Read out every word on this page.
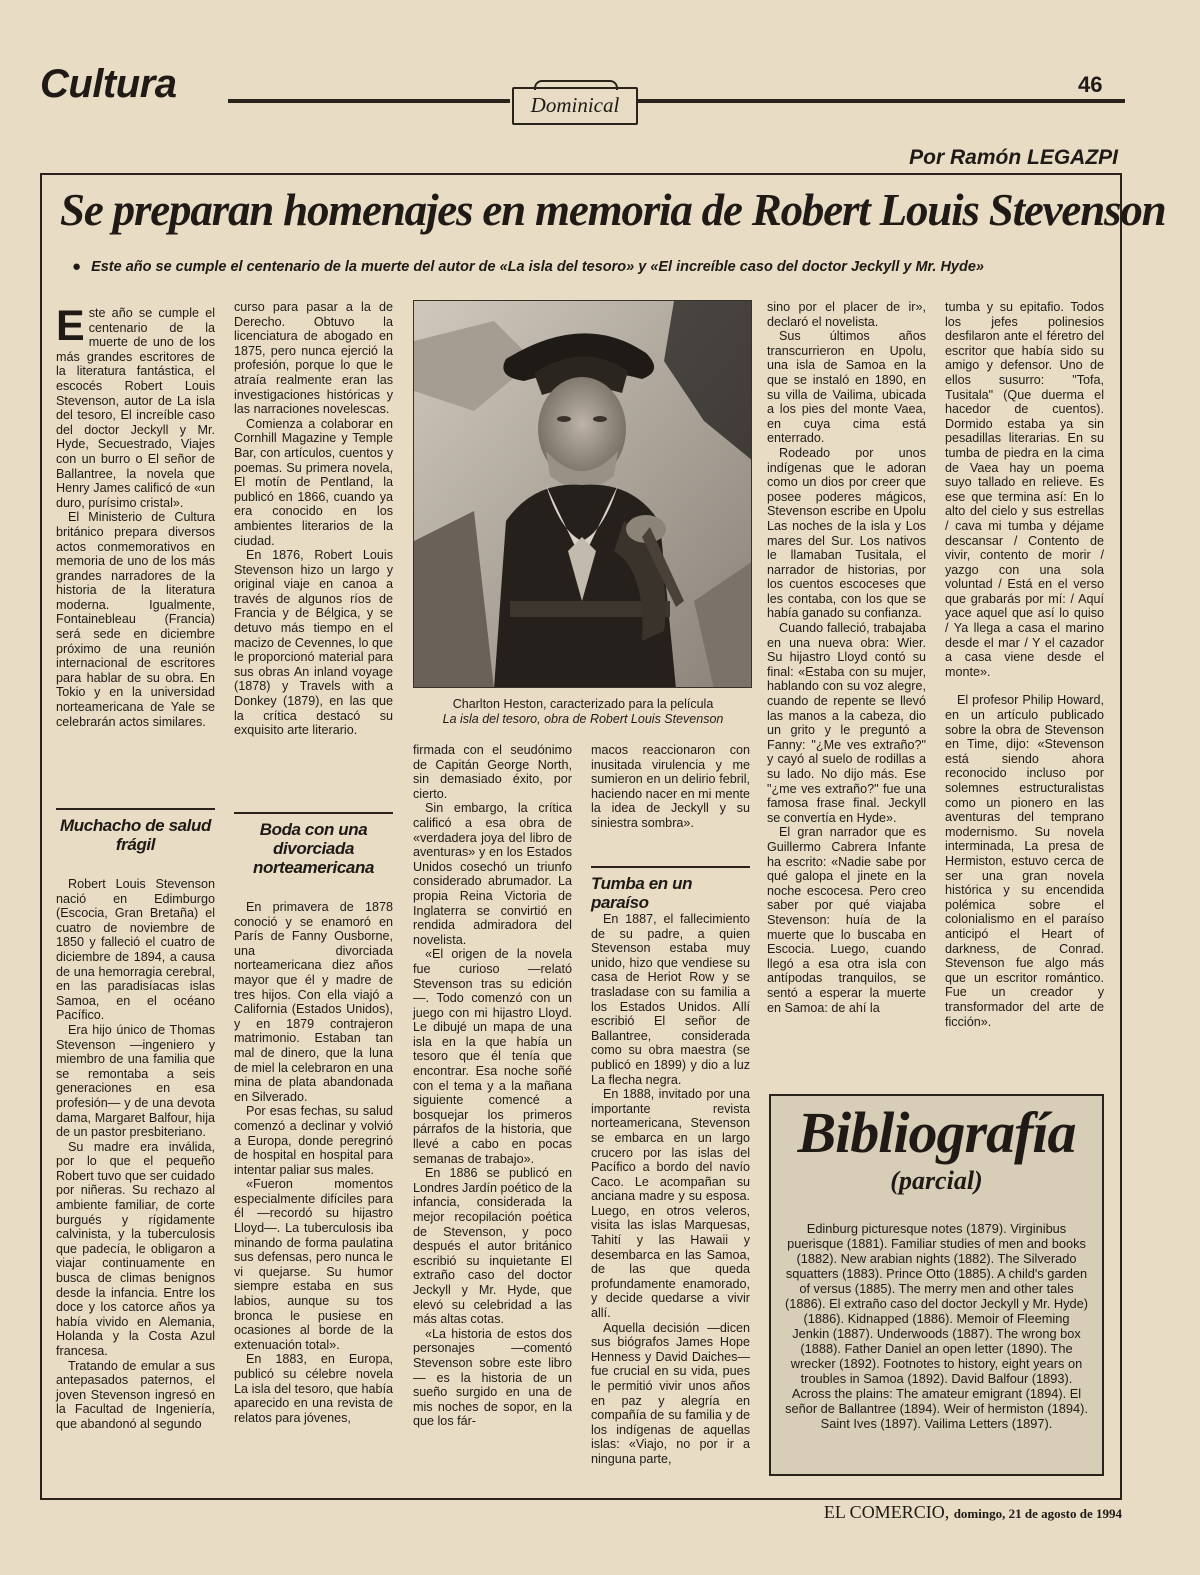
Cultura	Dominical
46
Por Ramón LEGAZPI
Se preparan homenajes en memoria de Robert Louis Stevenson
● Este año se cumple el centenario de la muerte del autor de «La isla del tesoro» y «El increíble caso del doctor Jeckyll y Mr. Hyde»

Este año se cumple el centenario de la muerte de uno de los más grandes escritores de la literatura fantástica, el escocés Robert Louis Stevenson, autor de La isla del tesoro, El increíble caso del doctor Jeckyll y Mr. Hyde, Secuestrado, Viajes con un burro o El señor de Ballantree, la novela que Henry James calificó de «un duro, purísimo cristal».

El Ministerio de Cultura británico prepara diversos actos conmemorativos en memoria de uno de los más grandes narradores de la historia de la literatura moderna. Igualmente, Fontainebleau (Francia) será sede en diciembre próximo de una reunión internacional de escritores para hablar de su obra. En Tokio y en la universidad norteamericana de Yale se celebrarán actos similares.

Muchacho de salud frágil

Robert Louis Stevenson nació en Edimburgo (Escocia, Gran Bretaña) el cuatro de noviembre de 1850 y falleció el cuatro de diciembre de 1894, a causa de una hemorragia cerebral, en las paradisíacas islas Samoa, en el océano Pacífico.

Era hijo único de Thomas Stevenson —ingeniero y miembro de una familia que se remontaba a seis generaciones en esa profesión— y de una devota dama, Margaret Balfour, hija de un pastor presbiteriano.

Su madre era inválida, por lo que el pequeño Robert tuvo que ser cuidado por niñeras. Su rechazo al ambiente familiar, de corte burgués y rígidamente calvinista, y la tuberculosis que padecía, le obligaron a viajar continuamente en busca de climas benignos desde la infancia. Entre los doce y los catorce años ya había vivido en Alemania, Holanda y la Costa Azul francesa.

Tratando de emular a sus antepasados paternos, el joven Stevenson ingresó en la Facultad de Ingeniería, que abandonó al segundo

curso para pasar a la de Derecho. Obtuvo la licenciatura de abogado en 1875, pero nunca ejerció la profesión, porque lo que le atraía realmente eran las investigaciones históricas y las narraciones novelescas.

Comienza a colaborar en Cornhill Magazine y Temple Bar, con artículos, cuentos y poemas. Su primera novela, El motín de Pentland, la publicó en 1866, cuando ya era conocido en los ambientes literarios de la ciudad.

En 1876, Robert Louis Stevenson hizo un largo y original viaje en canoa a través de algunos ríos de Francia y de Bélgica, y se detuvo más tiempo en el macizo de Cevennes, lo que le proporcionó material para sus obras An inland voyage (1878) y Travels with a Donkey (1879), en las que la crítica destacó su exquisito arte literario.

Boda con una divorciada norteamericana

En primavera de 1878 conoció y se enamoró en París de Fanny Ousborne, una divorciada norteamericana diez años mayor que él y madre de tres hijos. Con ella viajó a California (Estados Unidos), y en 1879 contrajeron matrimonio. Estaban tan mal de dinero, que la luna de miel la celebraron en una mina de plata abandonada en Silverado.

Por esas fechas, su salud comenzó a declinar y volvió a Europa, donde peregrinó de hospital en hospital para intentar paliar sus males.

«Fueron momentos especialmente difíciles para él —recordó su hijastro Lloyd—. La tuberculosis iba minando de forma paulatina sus defensas, pero nunca le vi quejarse. Su humor siempre estaba en sus labios, aunque su tos bronca le pusiese en ocasiones al borde de la extenuación total».

En 1883, en Europa, publicó su célebre novela La isla del tesoro, que había aparecido en una revista de relatos para jóvenes,

Charlton Heston, caracterizado para la película
La isla del tesoro, obra de Robert Louis Stevenson

firmada con el seudónimo de Capitán George North, sin demasiado éxito, por cierto.

Sin embargo, la crítica calificó a esa obra de «verdadera joya del libro de aventuras» y en los Estados Unidos cosechó un triunfo considerado abrumador. La propia Reina Victoria de Inglaterra se convirtió en rendida admiradora del novelista.

«El origen de la novela fue curioso —relató Stevenson tras su edición—. Todo comenzó con un juego con mi hijastro Lloyd. Le dibujé un mapa de una isla en la que había un tesoro que él tenía que encontrar. Esa noche soñé con el tema y a la mañana siguiente comencé a bosquejar los primeros párrafos de la historia, que llevé a cabo en pocas semanas de trabajo».

En 1886 se publicó en Londres Jardín poético de la infancia, considerada la mejor recopilación poética de Stevenson, y poco después el autor británico escribió su inquietante El extraño caso del doctor Jeckyll y Mr. Hyde, que elevó su celebridad a las más altas cotas.

«La historia de estos dos personajes —comentó Stevenson sobre este libro— es la historia de un sueño surgido en una de mis noches de sopor, en la que los fár-

macos reaccionaron con inusitada virulencia y me sumieron en un delirio febril, haciendo nacer en mi mente la idea de Jeckyll y su siniestra sombra».

Tumba en un paraíso

En 1887, el fallecimiento de su padre, a quien Stevenson estaba muy unido, hizo que vendiese su casa de Heriot Row y se trasladase con su familia a los Estados Unidos. Allí escribió El señor de Ballantree, considerada como su obra maestra (se publicó en 1899) y dio a luz La flecha negra.

En 1888, invitado por una importante revista norteamericana, Stevenson se embarca en un largo crucero por las islas del Pacífico a bordo del navío Caco. Le acompañan su anciana madre y su esposa. Luego, en otros veleros, visita las islas Marquesas, Tahití y las Hawaii y desembarca en las Samoa, de las que queda profundamente enamorado, y decide quedarse a vivir allí.

Aquella decisión —dicen sus biógrafos James Hope Henness y David Daiches— fue crucial en su vida, pues le permitió vivir unos años en paz y alegría en compañía de su familia y de los indígenas de aquellas islas: «Viajo, no por ir a ninguna parte,

sino por el placer de ir», declaró el novelista.

Sus últimos años transcurrieron en Upolu, una isla de Samoa en la que se instaló en 1890, en su villa de Vailima, ubicada a los pies del monte Vaea, en cuya cima está enterrado.

Rodeado por unos indígenas que le adoran como un dios por creer que posee poderes mágicos, Stevenson escribe en Upolu Las noches de la isla y Los mares del Sur. Los nativos le llamaban Tusitala, el narrador de historias, por los cuentos escoceses que les contaba, con los que se había ganado su confianza.

Cuando falleció, trabajaba en una nueva obra: Wier. Su hijastro Lloyd contó su final: «Estaba con su mujer, hablando con su voz alegre, cuando de repente se llevó las manos a la cabeza, dio un grito y le preguntó a Fanny: "¿Me ves extraño?" y cayó al suelo de rodillas a su lado. No dijo más. Ese "¿me ves extraño?" fue una famosa frase final. Jeckyll se convertía en Hyde».

El gran narrador que es Guillermo Cabrera Infante ha escrito: «Nadie sabe por qué galopa el jinete en la noche escocesa. Pero creo saber por qué viajaba Stevenson: huía de la muerte que lo buscaba en Escocia. Luego, cuando llegó a esa otra isla con antípodas tranquilos, se sentó a esperar la muerte en Samoa: de ahí la

tumba y su epitafio. Todos los jefes polinesios desfilaron ante el féretro del escritor que había sido su amigo y defensor. Uno de ellos susurro: "Tofa, Tusitala" (Que duerma el hacedor de cuentos). Dormido estaba ya sin pesadillas literarias. En su tumba de piedra en la cima de Vaea hay un poema suyo tallado en relieve. Es ese que termina así: En lo alto del cielo y sus estrellas / cava mi tumba y déjame descansar / Contento de vivir, contento de morir / yazgo con una sola voluntad / Está en el verso que grabarás por mí: / Aquí yace aquel que así lo quiso / Ya llega a casa el marino desde el mar / Y el cazador a casa viene desde el monte».

El profesor Philip Howard, en un artículo publicado sobre la obra de Stevenson en Time, dijo: «Stevenson está siendo ahora reconocido incluso por solemnes estructuralistas como un pionero en las aventuras del temprano modernismo. Su novela interminada, La presa de Hermiston, estuvo cerca de ser una gran novela histórica y su encendida polémica sobre el colonialismo en el paraíso anticipó el Heart of darkness, de Conrad. Stevenson fue algo más que un escritor romántico. Fue un creador y transformador del arte de ficción».

Bibliografía
(parcial)
Edinburg picturesque notes (1879). Virginibus puerisque (1881). Familiar studies of men and books (1882). New arabian nights (1882). The Silverado squatters (1883). Prince Otto (1885). A child's garden of versus (1885). The merry men and other tales (1886). El extraño caso del doctor Jeckyll y Mr. Hyde) (1886). Kidnapped (1886). Memoir of Fleeming Jenkin (1887). Underwoods (1887). The wrong box (1888). Father Daniel an open letter (1890). The wrecker (1892). Footnotes to history, eight years on troubles in Samoa (1892). David Balfour (1893). Across the plains: The amateur emigrant (1894). El señor de Ballantree (1894). Weir of hermiston (1894). Saint Ives (1897). Vailima Letters (1897).
EL COMERCIO, domingo, 21 de agosto de 1994
